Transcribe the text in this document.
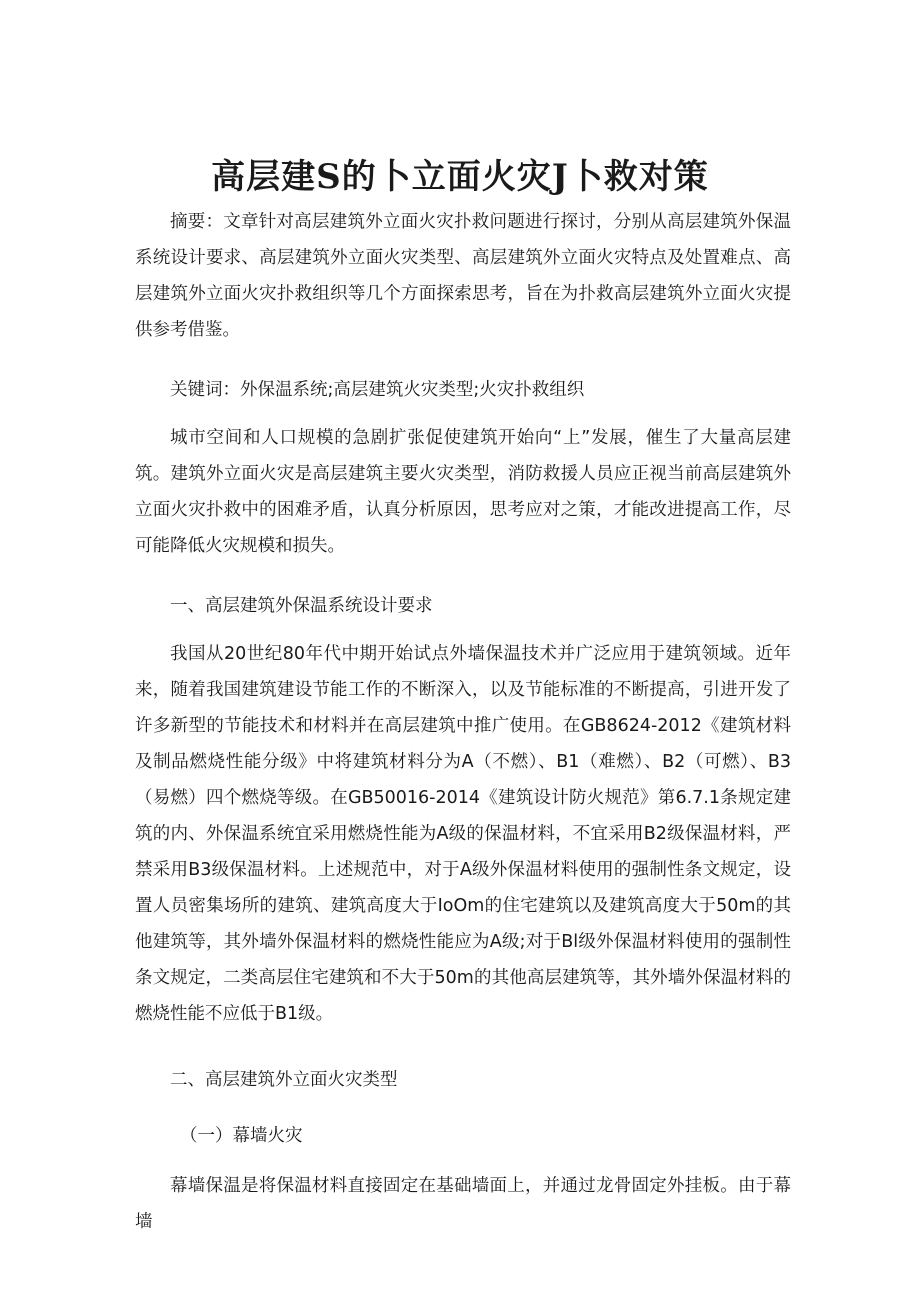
高层建S的卜立面火灾J卜救对策

摘要：文章针对高层建筑外立面火灾扑救问题进行探讨，分别从高层建筑外保温系统设计要求、高层建筑外立面火灾类型、高层建筑外立面火灾特点及处置难点、高层建筑外立面火灾扑救组织等几个方面探索思考，旨在为扑救高层建筑外立面火灾提供参考借鉴。

关键词：外保温系统;高层建筑火灾类型;火灾扑救组织

城市空间和人口规模的急剧扩张促使建筑开始向“上”发展，催生了大量高层建筑。建筑外立面火灾是高层建筑主要火灾类型，消防救援人员应正视当前高层建筑外立面火灾扑救中的困难矛盾，认真分析原因，思考应对之策，才能改进提高工作，尽可能降低火灾规模和损失。

一、高层建筑外保温系统设计要求

我国从20世纪80年代中期开始试点外墙保温技术并广泛应用于建筑领域。近年来，随着我国建筑建设节能工作的不断深入，以及节能标准的不断提高，引进开发了许多新型的节能技术和材料并在高层建筑中推广使用。在GB8624-2012《建筑材料及制品燃烧性能分级》中将建筑材料分为A（不燃）、B1（难燃）、B2（可燃）、B3（易燃）四个燃烧等级。在GB50016-2014《建筑设计防火规范》第6.7.1条规定建筑的内、外保温系统宜采用燃烧性能为A级的保温材料，不宜采用B2级保温材料，严禁采用B3级保温材料。上述规范中，对于A级外保温材料使用的强制性条文规定，设置人员密集场所的建筑、建筑高度大于IoOm的住宅建筑以及建筑高度大于50m的其他建筑等，其外墙外保温材料的燃烧性能应为A级;对于Bl级外保温材料使用的强制性条文规定，二类高层住宅建筑和不大于50m的其他高层建筑等，其外墙外保温材料的燃烧性能不应低于B1级。

二、高层建筑外立面火灾类型

（一）幕墙火灾

幕墙保温是将保温材料直接固定在基础墙面上，并通过龙骨固定外挂板。由于幕墙
